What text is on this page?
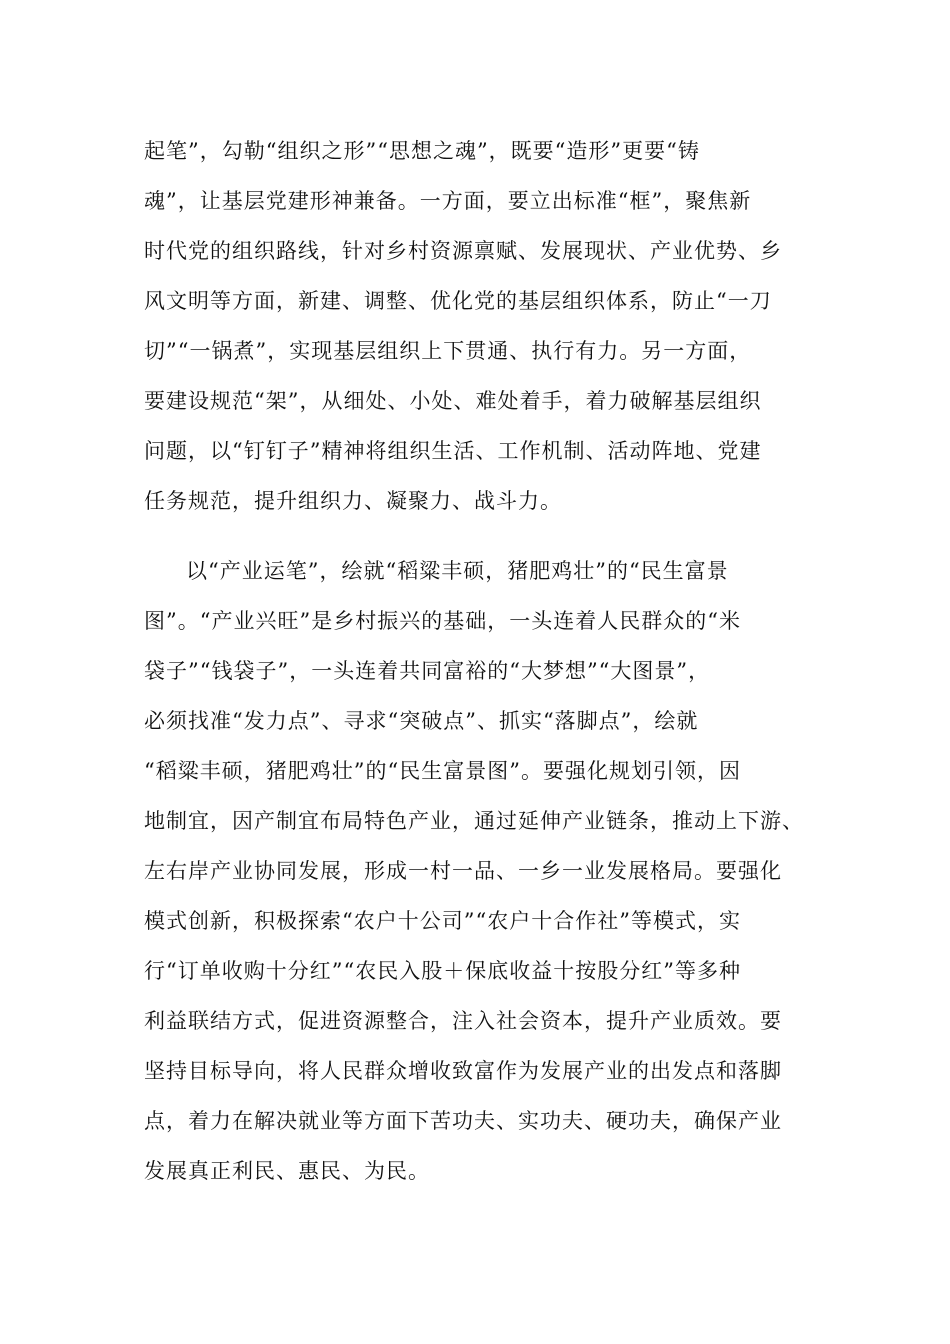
起笔”，勾勒“组织之形”“思想之魂”，既要“造形”更要“铸
魂”，让基层党建形神兼备。一方面，要立出标准“框”，聚焦新
时代党的组织路线，针对乡村资源禀赋、发展现状、产业优势、乡
风文明等方面，新建、调整、优化党的基层组织体系，防止“一刀
切”“一锅煮”，实现基层组织上下贯通、执行有力。另一方面，
要建设规范“架”，从细处、小处、难处着手，着力破解基层组织
问题，以“钉钉子”精神将组织生活、工作机制、活动阵地、党建
任务规范，提升组织力、凝聚力、战斗力。
以“产业运笔”，绘就“稻粱丰硕，猪肥鸡壮”的“民生富景
图”。“产业兴旺”是乡村振兴的基础，一头连着人民群众的“米
袋子”“钱袋子”，一头连着共同富裕的“大梦想”“大图景”，
必须找准“发力点”、寻求“突破点”、抓实“落脚点”，绘就
“稻粱丰硕，猪肥鸡壮”的“民生富景图”。要强化规划引领，因
地制宜，因产制宜布局特色产业，通过延伸产业链条，推动上下游、
左右岸产业协同发展，形成一村一品、一乡一业发展格局。要强化
模式创新，积极探索“农户十公司”“农户十合作社”等模式，实
行“订单收购十分红”“农民入股＋保底收益十按股分红”等多种
利益联结方式，促进资源整合，注入社会资本，提升产业质效。要
坚持目标导向，将人民群众增收致富作为发展产业的出发点和落脚
点，着力在解决就业等方面下苦功夫、实功夫、硬功夫，确保产业
发展真正利民、惠民、为民。
